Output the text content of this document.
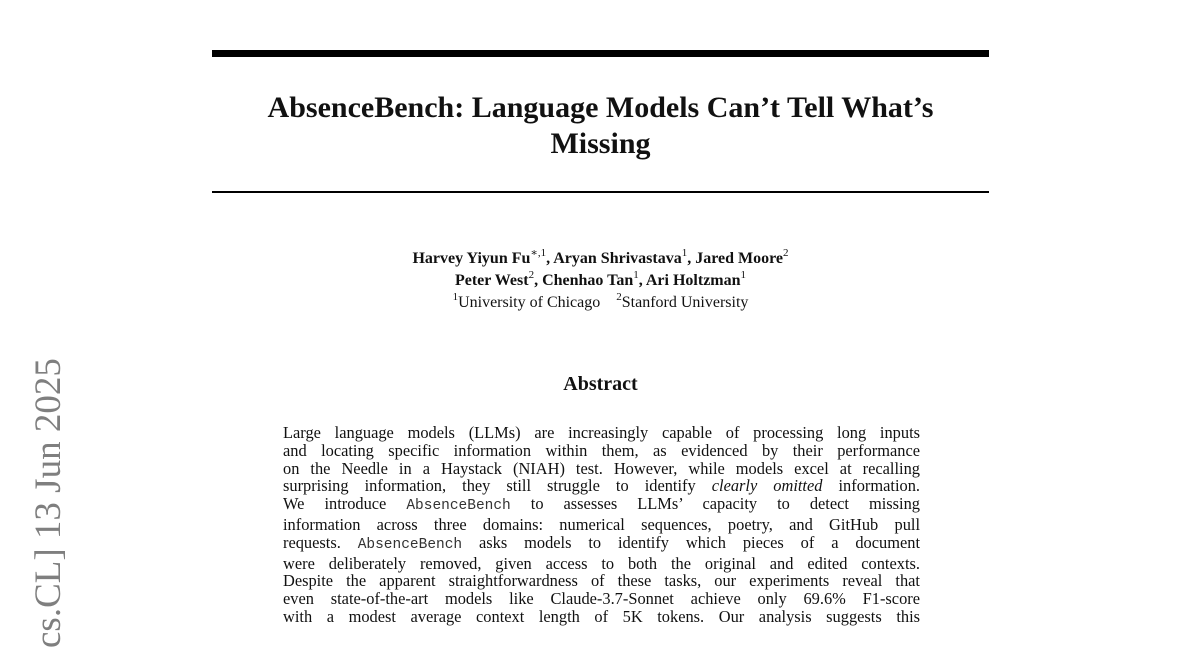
cs.CL] 13 Jun 2025
AbsenceBench: Language Models Can’t Tell What’s
Missing
Harvey Yiyun $Fu^{∗,1}$, Aryan Shrivastava$^1$, Jared Moore$^2$
Peter West$^2$, Chenhao Tan$^1$, Ari Holtzman$^1$
$^1$University of Chicago $^2$Stanford University
Abstract
Large language models (LLMs) are increasingly capable of processing long inputs
and locating specific information within them, as evidenced by their performance
on the Needle in a Haystack (NIAH) test. However, while models excel at recalling
surprising information, they still struggle to identify clearly omitted information.
We introduce AbsenceBench to assesses LLMs’ capacity to detect missing
information across three domains: numerical sequences, poetry, and GitHub pull
requests. AbsenceBench asks models to identify which pieces of a document
were deliberately removed, given access to both the original and edited contexts.
Despite the apparent straightforwardness of these tasks, our experiments reveal that
even state-of-the-art models like Claude-3.7-Sonnet achieve only 69.6% F1-score
with a modest average context length of 5K tokens. Our analysis suggests this
